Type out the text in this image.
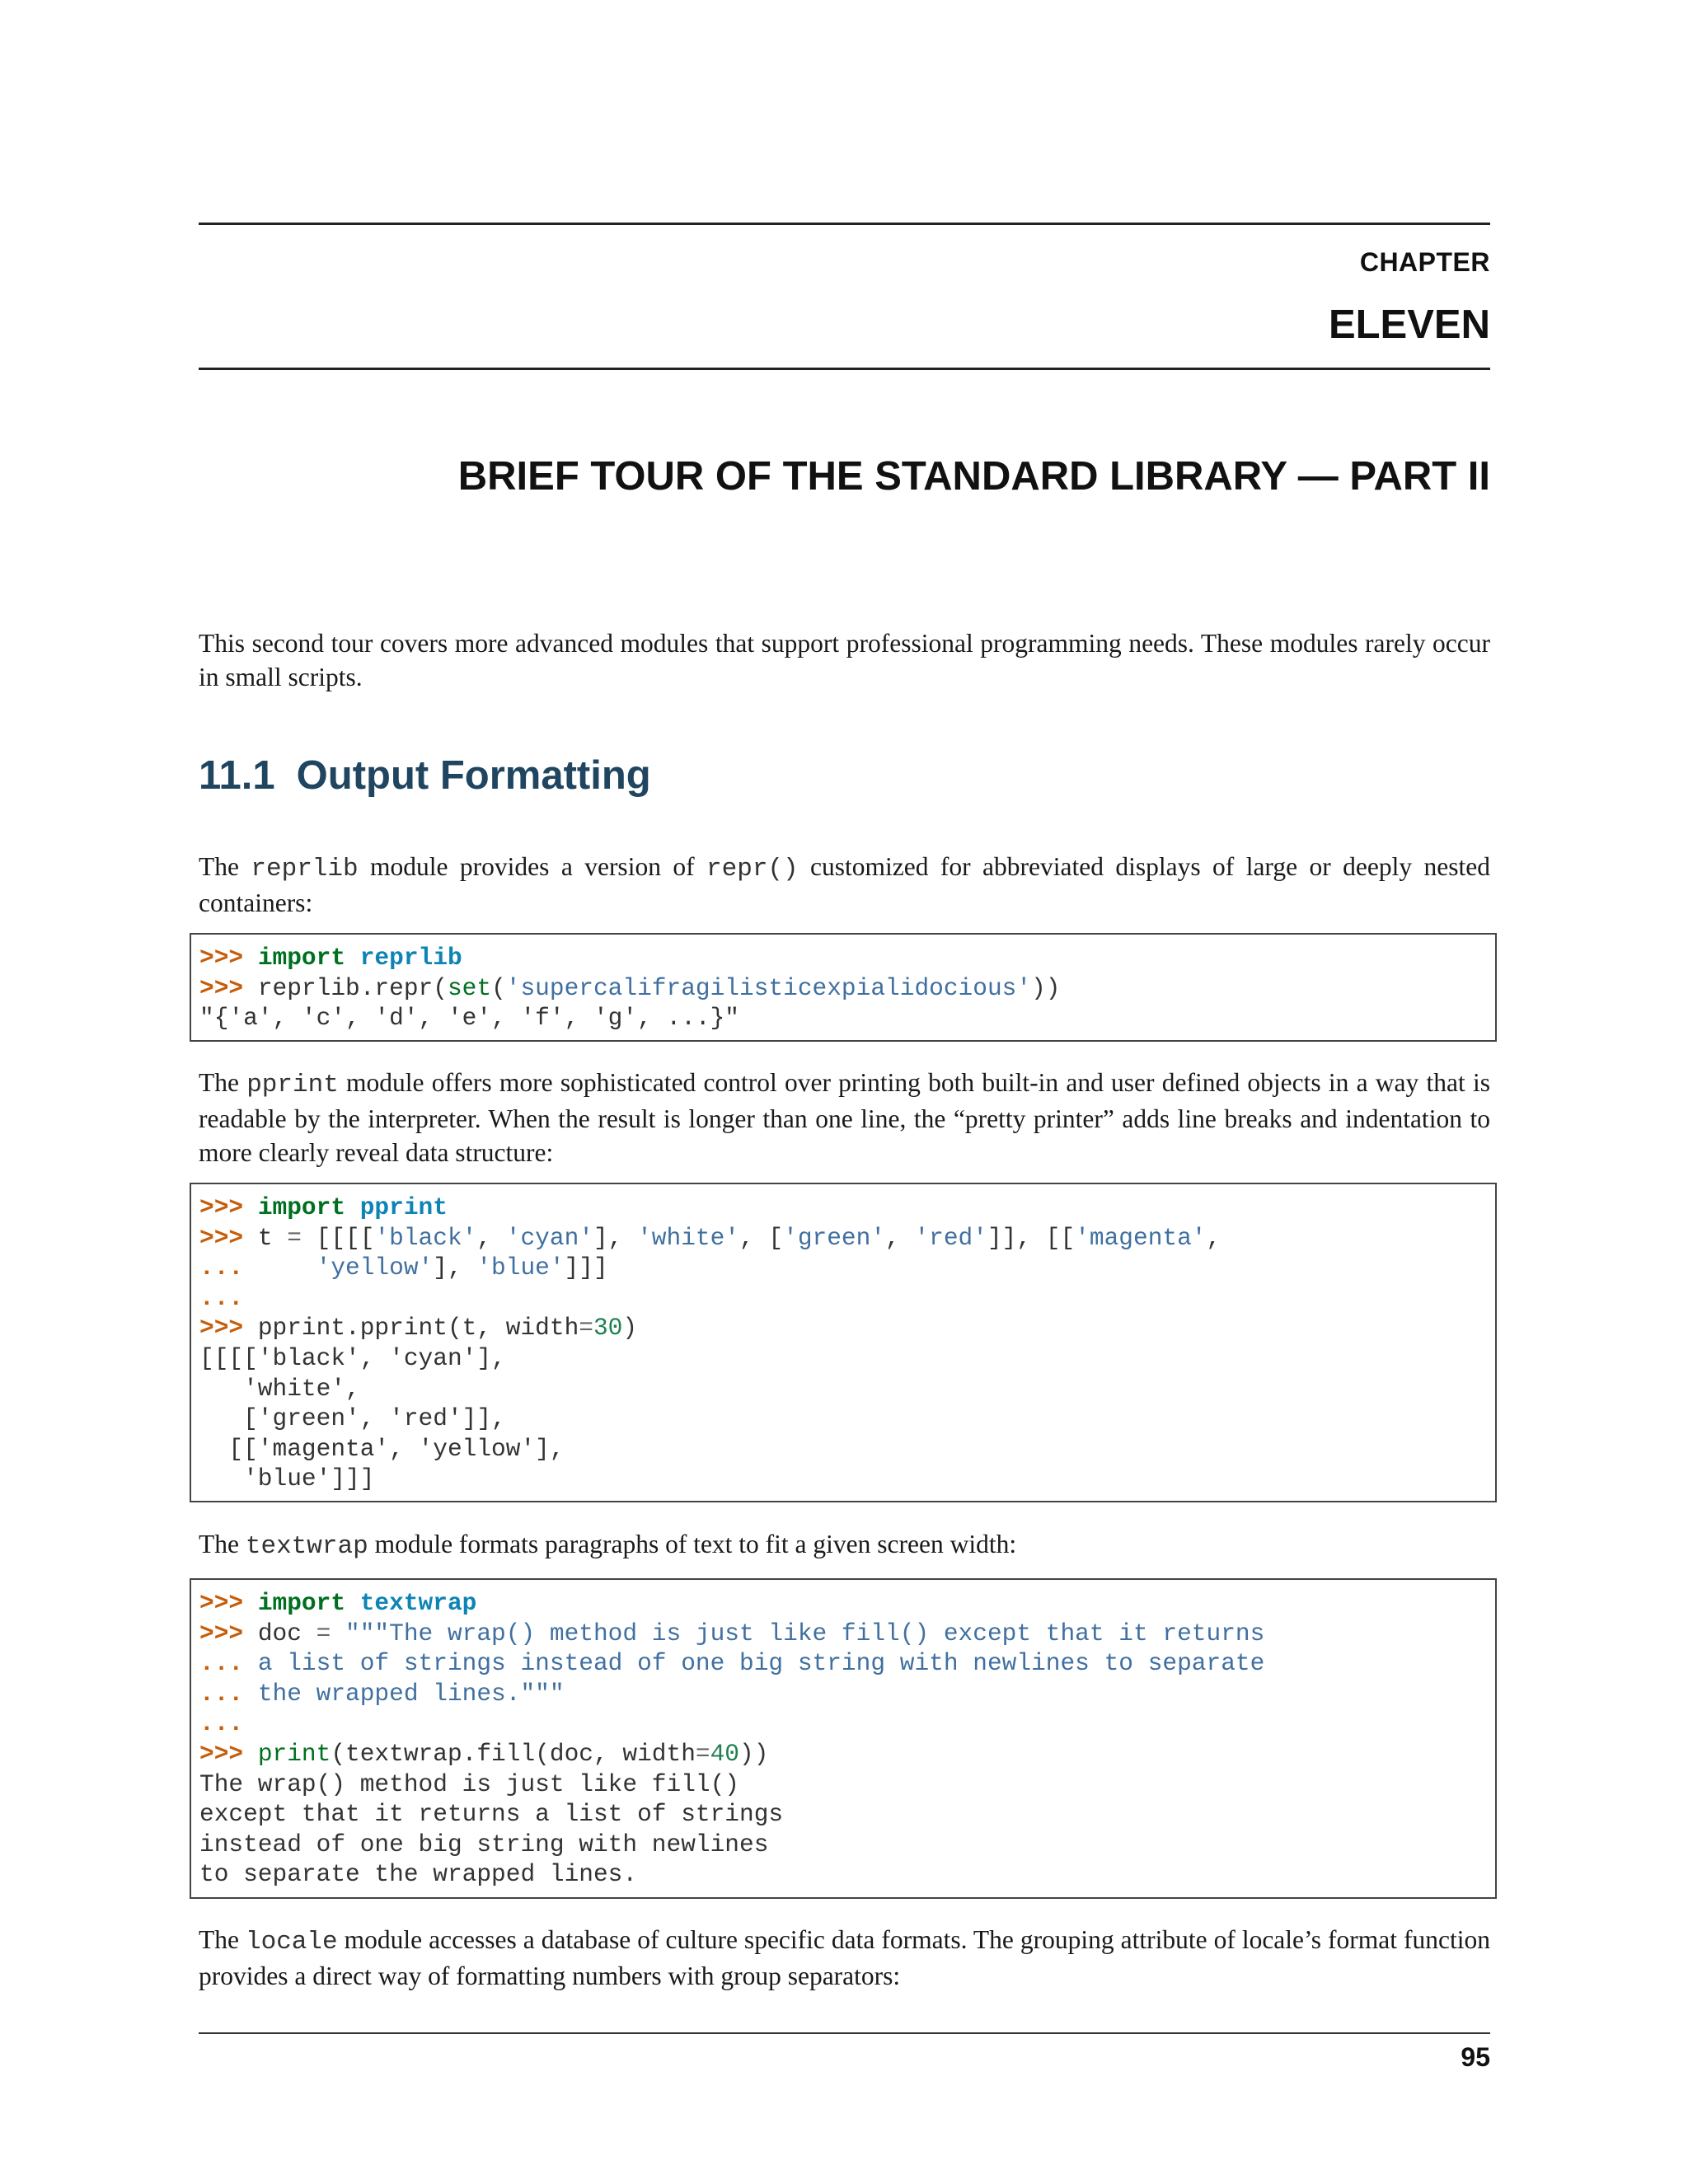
CHAPTER
ELEVEN
BRIEF TOUR OF THE STANDARD LIBRARY — PART II
This second tour covers more advanced modules that support professional programming needs. These modules rarely occur in small scripts.
11.1 Output Formatting
The reprlib module provides a version of repr() customized for abbreviated displays of large or deeply nested containers:
>>> import reprlib
>>> reprlib.repr(set('supercalifragilisticexpialidocious'))
"{'a', 'c', 'd', 'e', 'f', 'g', ...}"
The pprint module offers more sophisticated control over printing both built-in and user defined objects in a way that is readable by the interpreter. When the result is longer than one line, the “pretty printer” adds line breaks and indentation to more clearly reveal data structure:
>>> import pprint
>>> t = [[[['black', 'cyan'], 'white', ['green', 'red']], [['magenta',
...     'yellow'], 'blue']]]
...
>>> pprint.pprint(t, width=30)
[[[['black', 'cyan'],
'white',
['green', 'red']],
[['magenta', 'yellow'],
'blue']]]
The textwrap module formats paragraphs of text to fit a given screen width:
>>> import textwrap
>>> doc = """The wrap() method is just like fill() except that it returns
... a list of strings instead of one big string with newlines to separate
... the wrapped lines."""
...
>>> print(textwrap.fill(doc, width=40))
The wrap() method is just like fill()
except that it returns a list of strings
instead of one big string with newlines
to separate the wrapped lines.
The locale module accesses a database of culture specific data formats. The grouping attribute of locale’s format function provides a direct way of formatting numbers with group separators:
95
